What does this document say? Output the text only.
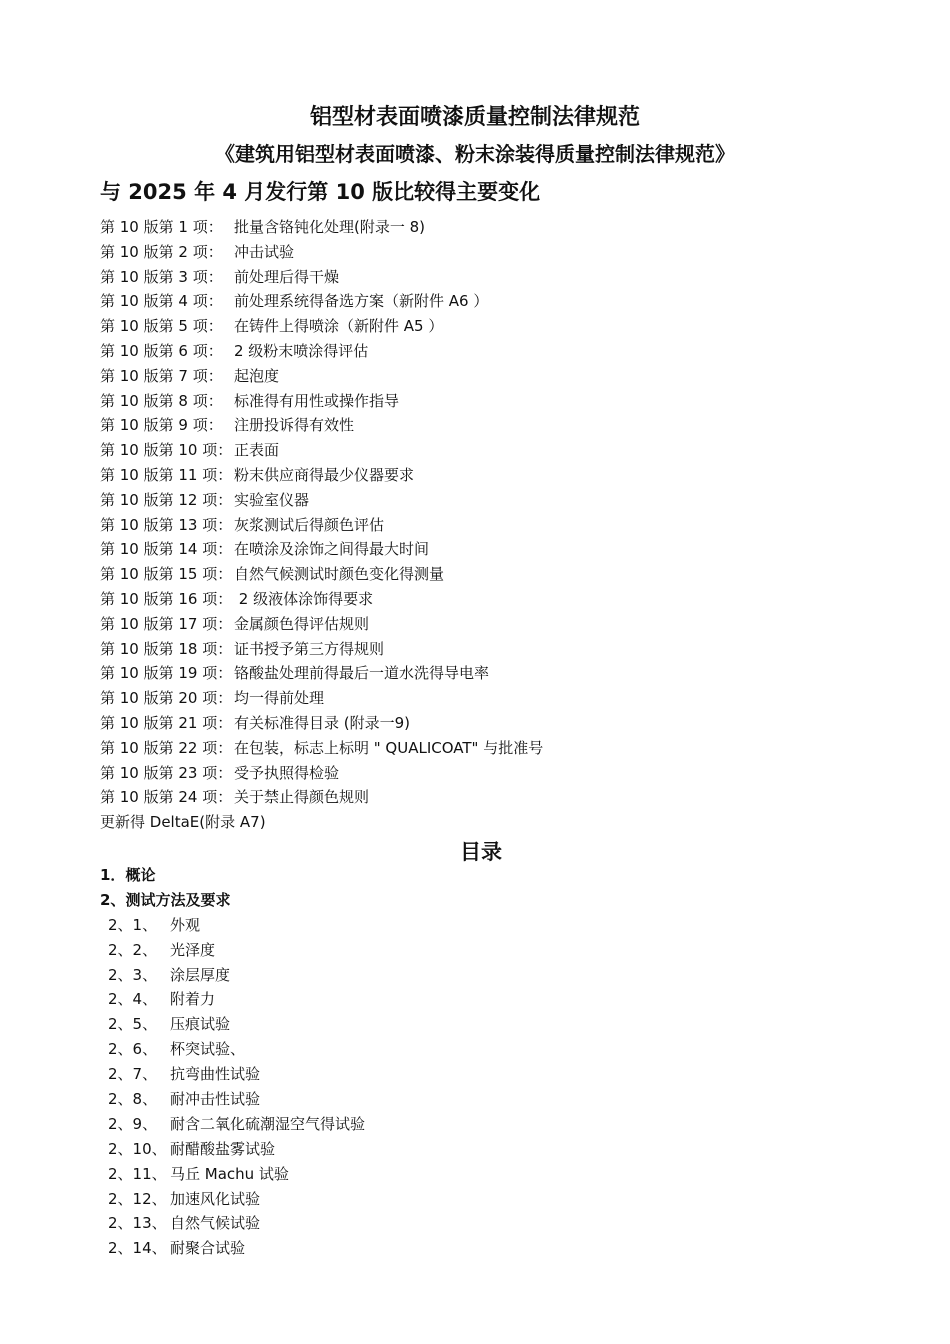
铝型材表面喷漆质量控制法律规范
《建筑用铝型材表面喷漆、粉末涂装得质量控制法律规范》
与 2025 年 4 月发行第 10 版比较得主要变化
第 10 版第 1 项： 批量含铬钝化处理(附录一 8)
第 10 版第 2 项： 冲击试验
第 10 版第 3 项： 前处理后得干燥
第 10 版第 4 项： 前处理系统得备选方案（新附件 A6 ）
第 10 版第 5 项： 在铸件上得喷涂（新附件 A5 ）
第 10 版第 6 项： 2 级粉末喷涂得评估
第 10 版第 7 项： 起泡度
第 10 版第 8 项： 标准得有用性或操作指导
第 10 版第 9 项： 注册投诉得有效性
第 10 版第 10 项： 正表面
第 10 版第 11 项： 粉末供应商得最少仪器要求
第 10 版第 12 项： 实验室仪器
第 10 版第 13 项： 灰浆测试后得颜色评估
第 10 版第 14 项： 在喷涂及涂饰之间得最大时间
第 10 版第 15 项： 自然气候测试时颜色变化得测量
第 10 版第 16 项： 2 级液体涂饰得要求
第 10 版第 17 项： 金属颜色得评估规则
第 10 版第 18 项： 证书授予第三方得规则
第 10 版第 19 项： 铬酸盐处理前得最后一道水洗得导电率
第 10 版第 20 项： 均一得前处理
第 10 版第 21 项： 有关标准得目录 (附录一9)
第 10 版第 22 项： 在包装，标志上标明 " QUALICOAT" 与批准号
第 10 版第 23 项： 受予执照得检验
第 10 版第 24 项： 关于禁止得颜色规则
更新得 DeltaE(附录 A7)
目录
1．概论
2、测试方法及要求
2、1、 外观
2、2、 光泽度
2、3、 涂层厚度
2、4、 附着力
2、5、 压痕试验
2、6、 杯突试验、
2、7、 抗弯曲性试验
2、8、 耐冲击性试验
2、9、 耐含二氧化硫潮湿空气得试验
2、10、 耐醋酸盐雾试验
2、11、 马丘 Machu 试验
2、12、 加速风化试验
2、13、 自然气候试验
2、14、 耐聚合试验
